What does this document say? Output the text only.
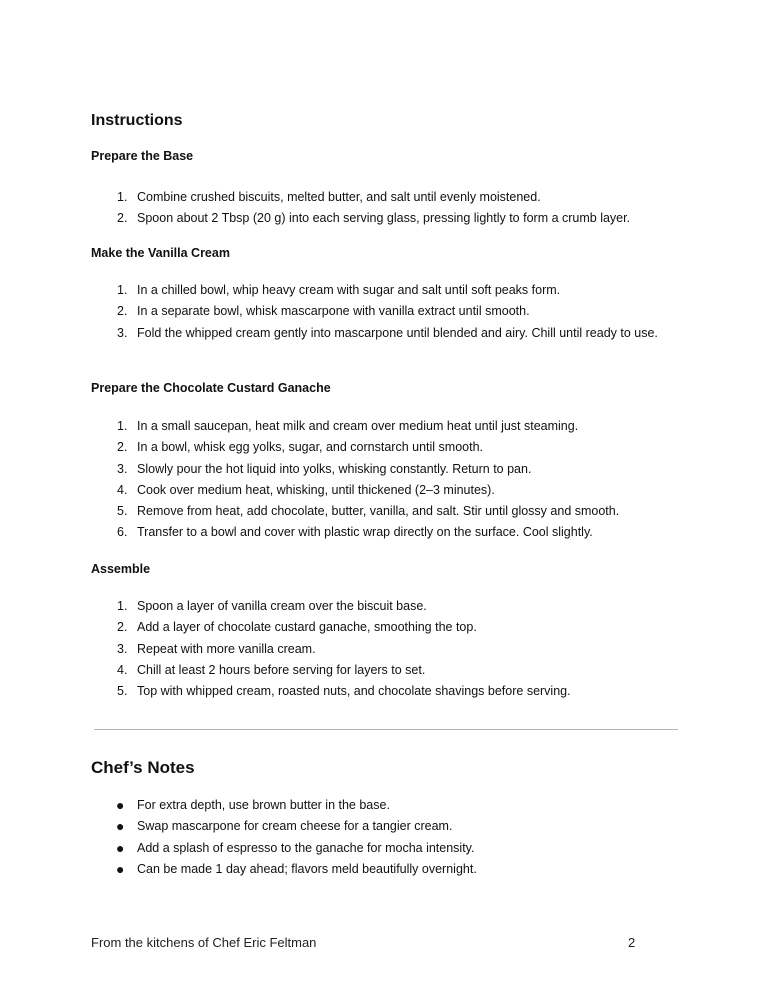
Instructions
Prepare the Base
1. Combine crushed biscuits, melted butter, and salt until evenly moistened.
2. Spoon about 2 Tbsp (20 g) into each serving glass, pressing lightly to form a crumb layer.
Make the Vanilla Cream
1. In a chilled bowl, whip heavy cream with sugar and salt until soft peaks form.
2. In a separate bowl, whisk mascarpone with vanilla extract until smooth.
3. Fold the whipped cream gently into mascarpone until blended and airy. Chill until ready to use.
Prepare the Chocolate Custard Ganache
1. In a small saucepan, heat milk and cream over medium heat until just steaming.
2. In a bowl, whisk egg yolks, sugar, and cornstarch until smooth.
3. Slowly pour the hot liquid into yolks, whisking constantly. Return to pan.
4. Cook over medium heat, whisking, until thickened (2–3 minutes).
5. Remove from heat, add chocolate, butter, vanilla, and salt. Stir until glossy and smooth.
6. Transfer to a bowl and cover with plastic wrap directly on the surface. Cool slightly.
Assemble
1. Spoon a layer of vanilla cream over the biscuit base.
2. Add a layer of chocolate custard ganache, smoothing the top.
3. Repeat with more vanilla cream.
4. Chill at least 2 hours before serving for layers to set.
5. Top with whipped cream, roasted nuts, and chocolate shavings before serving.
Chef’s Notes
● For extra depth, use brown butter in the base.
● Swap mascarpone for cream cheese for a tangier cream.
● Add a splash of espresso to the ganache for mocha intensity.
● Can be made 1 day ahead; flavors meld beautifully overnight.
From the kitchens of Chef Eric Feltman	2
